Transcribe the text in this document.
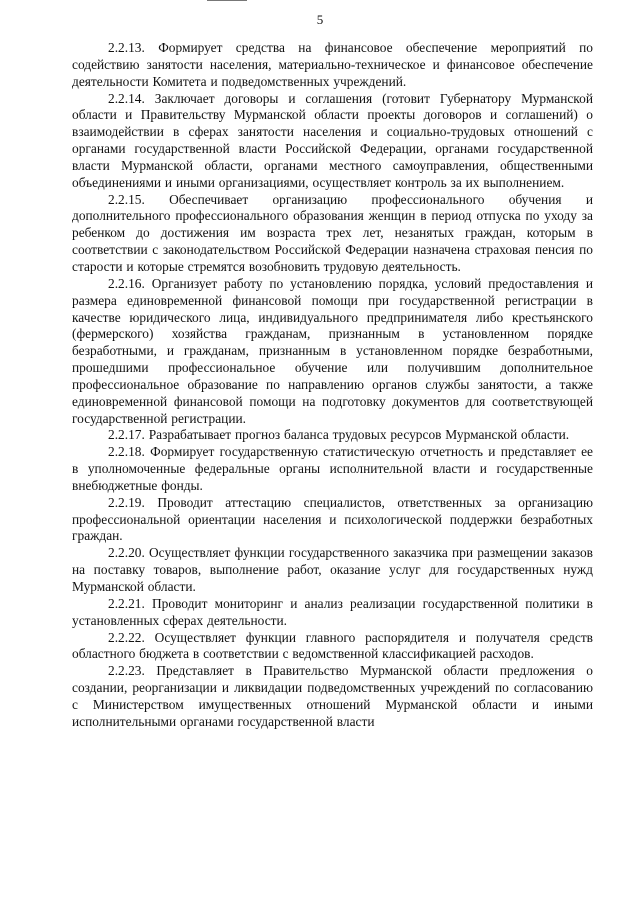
5

2.2.13. Формирует средства на финансовое обеспечение мероприятий по содействию занятости населения, материально-техническое и финансовое обеспечение деятельности Комитета и подведомственных учреждений.

2.2.14. Заключает договоры и соглашения (готовит Губернатору Мурманской области и Правительству Мурманской области проекты договоров и соглашений) о взаимодействии в сферах занятости населения и социально-трудовых отношений с органами государственной власти Российской Федерации, органами государственной власти Мурманской области, органами местного самоуправления, общественными объединениями и иными организациями, осуществляет контроль за их выполнением.

2.2.15. Обеспечивает организацию профессионального обучения и дополнительного профессионального образования женщин в период отпуска по уходу за ребенком до достижения им возраста трех лет, незанятых граждан, которым в соответствии с законодательством Российской Федерации назначена страховая пенсия по старости и которые стремятся возобновить трудовую деятельность.

2.2.16. Организует работу по установлению порядка, условий предоставления и размера единовременной финансовой помощи при государственной регистрации в качестве юридического лица, индивидуального предпринимателя либо крестьянского (фермерского) хозяйства гражданам, признанным в установленном порядке безработными, и гражданам, признанным в установленном порядке безработными, прошедшими профессиональное обучение или получившим дополнительное профессиональное образование по направлению органов службы занятости, а также единовременной финансовой помощи на подготовку документов для соответствующей государственной регистрации.

2.2.17. Разрабатывает прогноз баланса трудовых ресурсов Мурманской области.

2.2.18. Формирует государственную статистическую отчетность и представляет ее в уполномоченные федеральные органы исполнительной власти и государственные внебюджетные фонды.

2.2.19. Проводит аттестацию специалистов, ответственных за организацию профессиональной ориентации населения и психологической поддержки безработных граждан.

2.2.20. Осуществляет функции государственного заказчика при размещении заказов на поставку товаров, выполнение работ, оказание услуг для государственных нужд Мурманской области.

2.2.21. Проводит мониторинг и анализ реализации государственной политики в установленных сферах деятельности.

2.2.22. Осуществляет функции главного распорядителя и получателя средств областного бюджета в соответствии с ведомственной классификацией расходов.

2.2.23. Представляет в Правительство Мурманской области предложения о создании, реорганизации и ликвидации подведомственных учреждений по согласованию с Министерством имущественных отношений Мурманской области и иными исполнительными органами государственной власти
